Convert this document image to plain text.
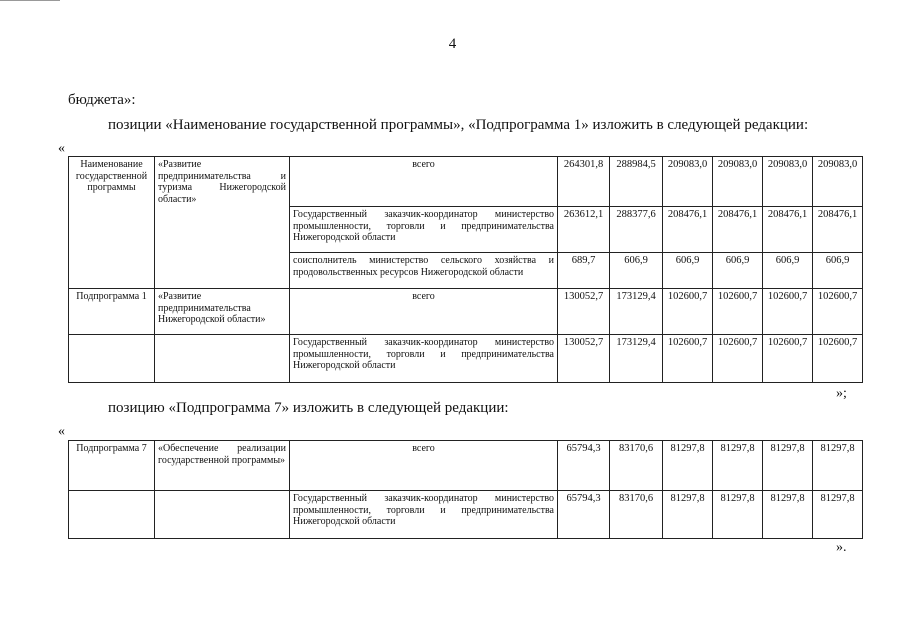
4
бюджета»:
позиции «Наименование государственной программы», «Подпрограмма 1» изложить в следующей редакции:
«
Наименование государственной программы	«Развитие предпринимательства и туризма Нижегородской области»	всего	264301,8	288984,5	209083,0	209083,0	209083,0	209083,0
		Государственный заказчик-координатор министерство промышленности, торговли и предпринимательства Нижегородской области	263612,1	288377,6	208476,1	208476,1	208476,1	208476,1
		соисполнитель министерство сельского хозяйства и продовольственных ресурсов Нижегородской области	689,7	606,9	606,9	606,9	606,9	606,9
Подпрограмма 1	«Развитие предпринимательства Нижегородской области»	всего	130052,7	173129,4	102600,7	102600,7	102600,7	102600,7
		Государственный заказчик-координатор министерство промышленности, торговли и предпринимательства Нижегородской области	130052,7	173129,4	102600,7	102600,7	102600,7	102600,7
»;
позицию «Подпрограмма 7» изложить в следующей редакции:
«
Подпрограмма 7	«Обеспечение реализации государственной программы»	всего	65794,3	83170,6	81297,8	81297,8	81297,8	81297,8
		Государственный заказчик-координатор министерство промышленности, торговли и предпринимательства Нижегородской области	65794,3	83170,6	81297,8	81297,8	81297,8	81297,8
».
